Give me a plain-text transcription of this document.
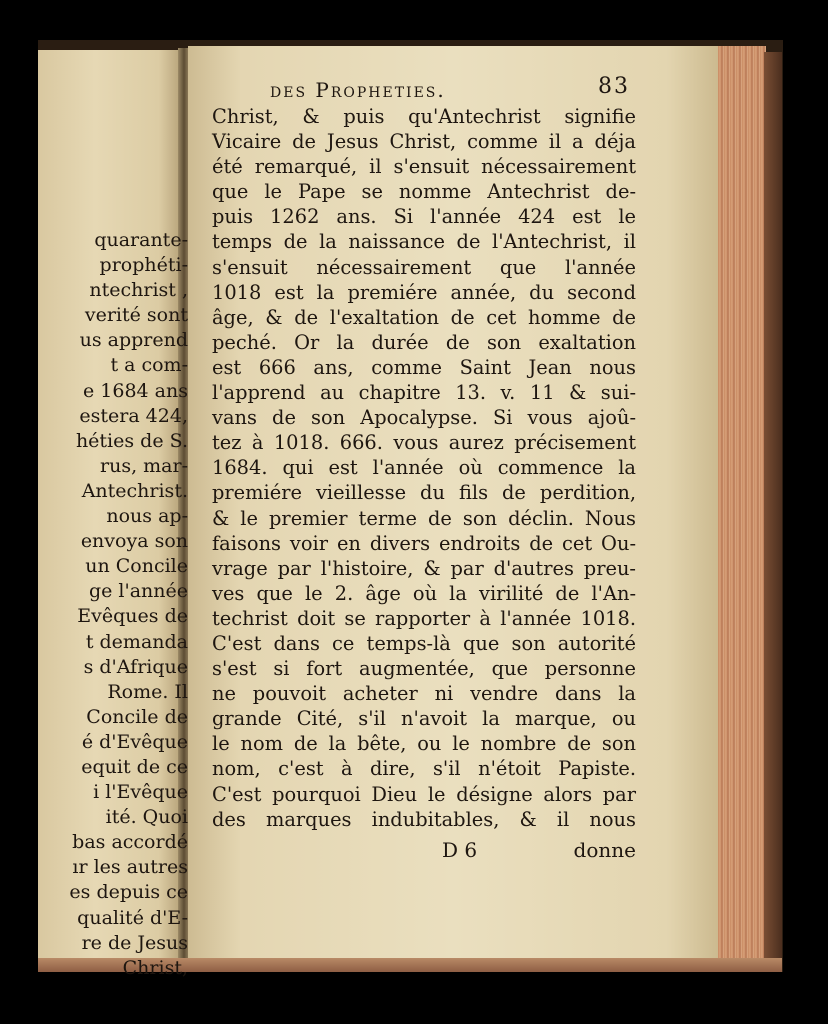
quarante-
prophéti-
ntechrist ,
verité sont
us apprend
t a com-
e 1684 ans
estera 424,
héties de S.
rus, mar-
Antechrist.
nous ap-
envoya son
un Concile
ge l'année
Evêques de
t demanda
s d'Afrique
Rome. Il
Concile de
é d'Evêque
equit de ce
i l'Evêque
ité. Quoi
bas accordé
ır les autres
es depuis ce
qualité d'E-
re de Jesus
Christ,
des Propheties.	83
Christ, & puis qu'Antechrist signifie
Vicaire de Jesus Christ, comme il a déja
été remarqué, il s'ensuit nécessairement
que le Pape se nomme Antechrist de-
puis 1262 ans. Si l'année 424 est le
temps de la naissance de l'Antechrist, il
s'ensuit nécessairement que l'année
1018 est la premiére année, du second
âge, & de l'exaltation de cet homme de
peché. Or la durée de son exaltation
est 666 ans, comme Saint Jean nous
l'apprend au chapitre 13. v. 11 & sui-
vans de son Apocalypse. Si vous ajoû-
tez à 1018. 666. vous aurez précisement
1684. qui est l'année où commence la
premiére vieillesse du fils de perdition,
& le premier terme de son déclin. Nous
faisons voir en divers endroits de cet Ou-
vrage par l'histoire, & par d'autres preu-
ves que le 2. âge où la virilité de l'An-
techrist doit se rapporter à l'année 1018.
C'est dans ce temps-là que son autorité
s'est si fort augmentée, que personne
ne pouvoit acheter ni vendre dans la
grande Cité, s'il n'avoit la marque, ou
le nom de la bête, ou le nombre de son
nom, c'est à dire, s'il n'étoit Papiste.
C'est pourquoi Dieu le désigne alors par
des marques indubitables, & il nous
D 6	donne
